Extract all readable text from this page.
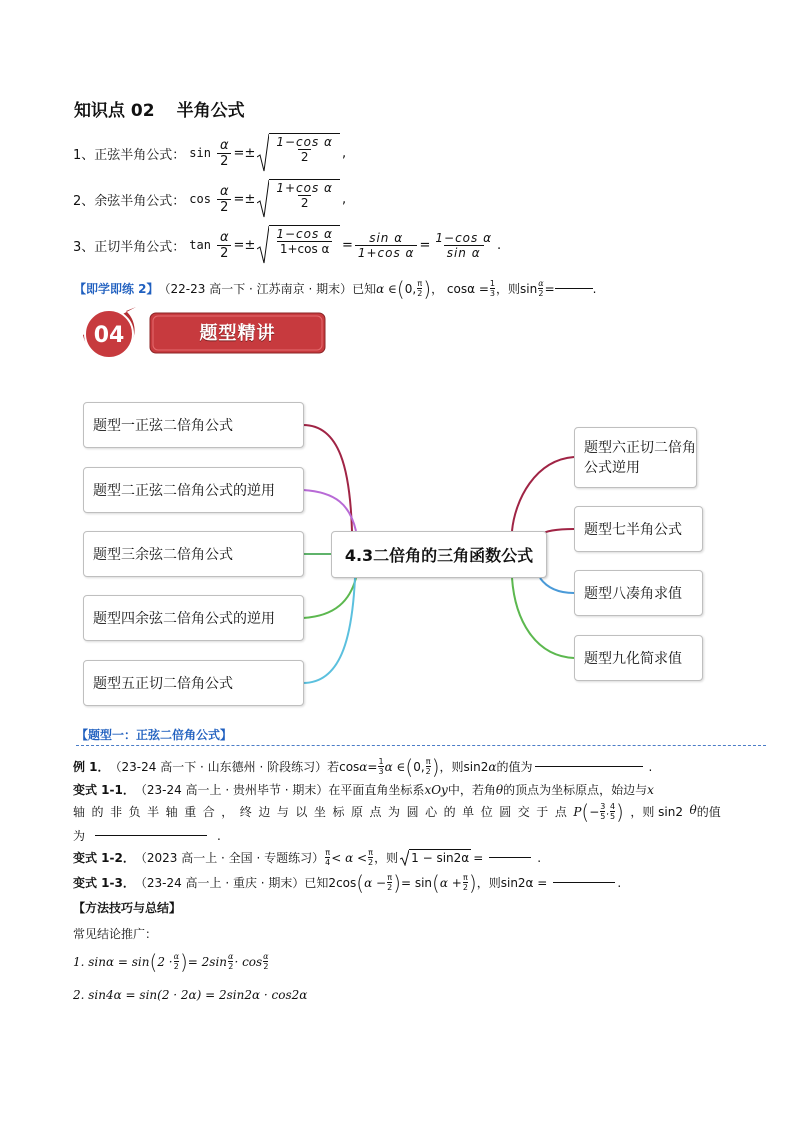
知识点 02 半角公式
1、正弦半角公式： $\sin \frac{\alpha}{2} =\pm \frac{\text{1−cos α}}{2}$ ,
2、余弦半角公式： $\cos \frac{\alpha}{2} =\pm \frac{\text{1+cos α}}{2}$ ,
3、正切半角公式： $\tan \frac{\alpha}{2} =\pm \frac{\text{1−cos α}}{\text{1+cos α}} = \frac{\text{sin α}}{\text{1+cos α}} = \frac{\text{1−cos α}}{\text{sin α}}$ .
【即学即练 2】 （22-23 高一下 · 江苏南京 · 期末）已知 α ∈ ( 0, $\frac{\pi}{2}$ ) ， $\cos\alpha = \frac{1}{3}$ ，则$\sin \frac{\alpha}{2}$ =	.
04	题型精讲
题型一正弦二倍角公式
题型二正弦二倍角公式的逆用
题型三余弦二倍角公式
题型四余弦二倍角公式的逆用
题型五正切二倍角公式
4.3二倍角的三角函数公式
题型六正切二倍角公式逆用
题型七半角公式
题型八凑角求值
题型九化简求值
【题型一：正弦二倍角公式】
例 1． （23-24 高一下 · 山东德州 · 阶段练习）若$\cos \alpha = \frac{1}{3}$ α ∈ ( 0, $\frac{\pi}{2}$ ) ，则sin2 α 的值为	.
变式 1-1． （23-24 高一上 · 贵州毕节 · 期末）在平面直角坐标系 xOy 中，若角 θ 的顶点为坐标原点，始边与 x
轴 的 非 负 半 轴 重 合 ， 终 边 与 以 坐 标 原 点 为 圆 心 的 单 位 圆 交 于 点 P ( − $\frac{3}{5}$ , $\frac{4}{5}$ ) ，则 sin2 θ 的值
为	.
变式 1-2． （2023 高一上 · 全国 · 专题练习） $\frac{\pi}{4} < \alpha < \frac{\pi}{2}$ ，则 1 − sin2α =	.
变式 1-3． （23-24 高一上 · 重庆 · 期末）已知2cos ( $\alpha - \frac{\pi}{2}$ ) = sin ( $\alpha + \frac{\pi}{2}$ ) ，则sin2α =	.
【方法技巧与总结】
常见结论推广：
1. sinα = sin ( $2 \cdot \frac{\alpha}{2}$ ) = $2\sin \frac{\alpha}{2} \cdot \cos \frac{\alpha}{2}$
2. sin4α = sin(2 · 2α) = 2sin2α · cos2α
